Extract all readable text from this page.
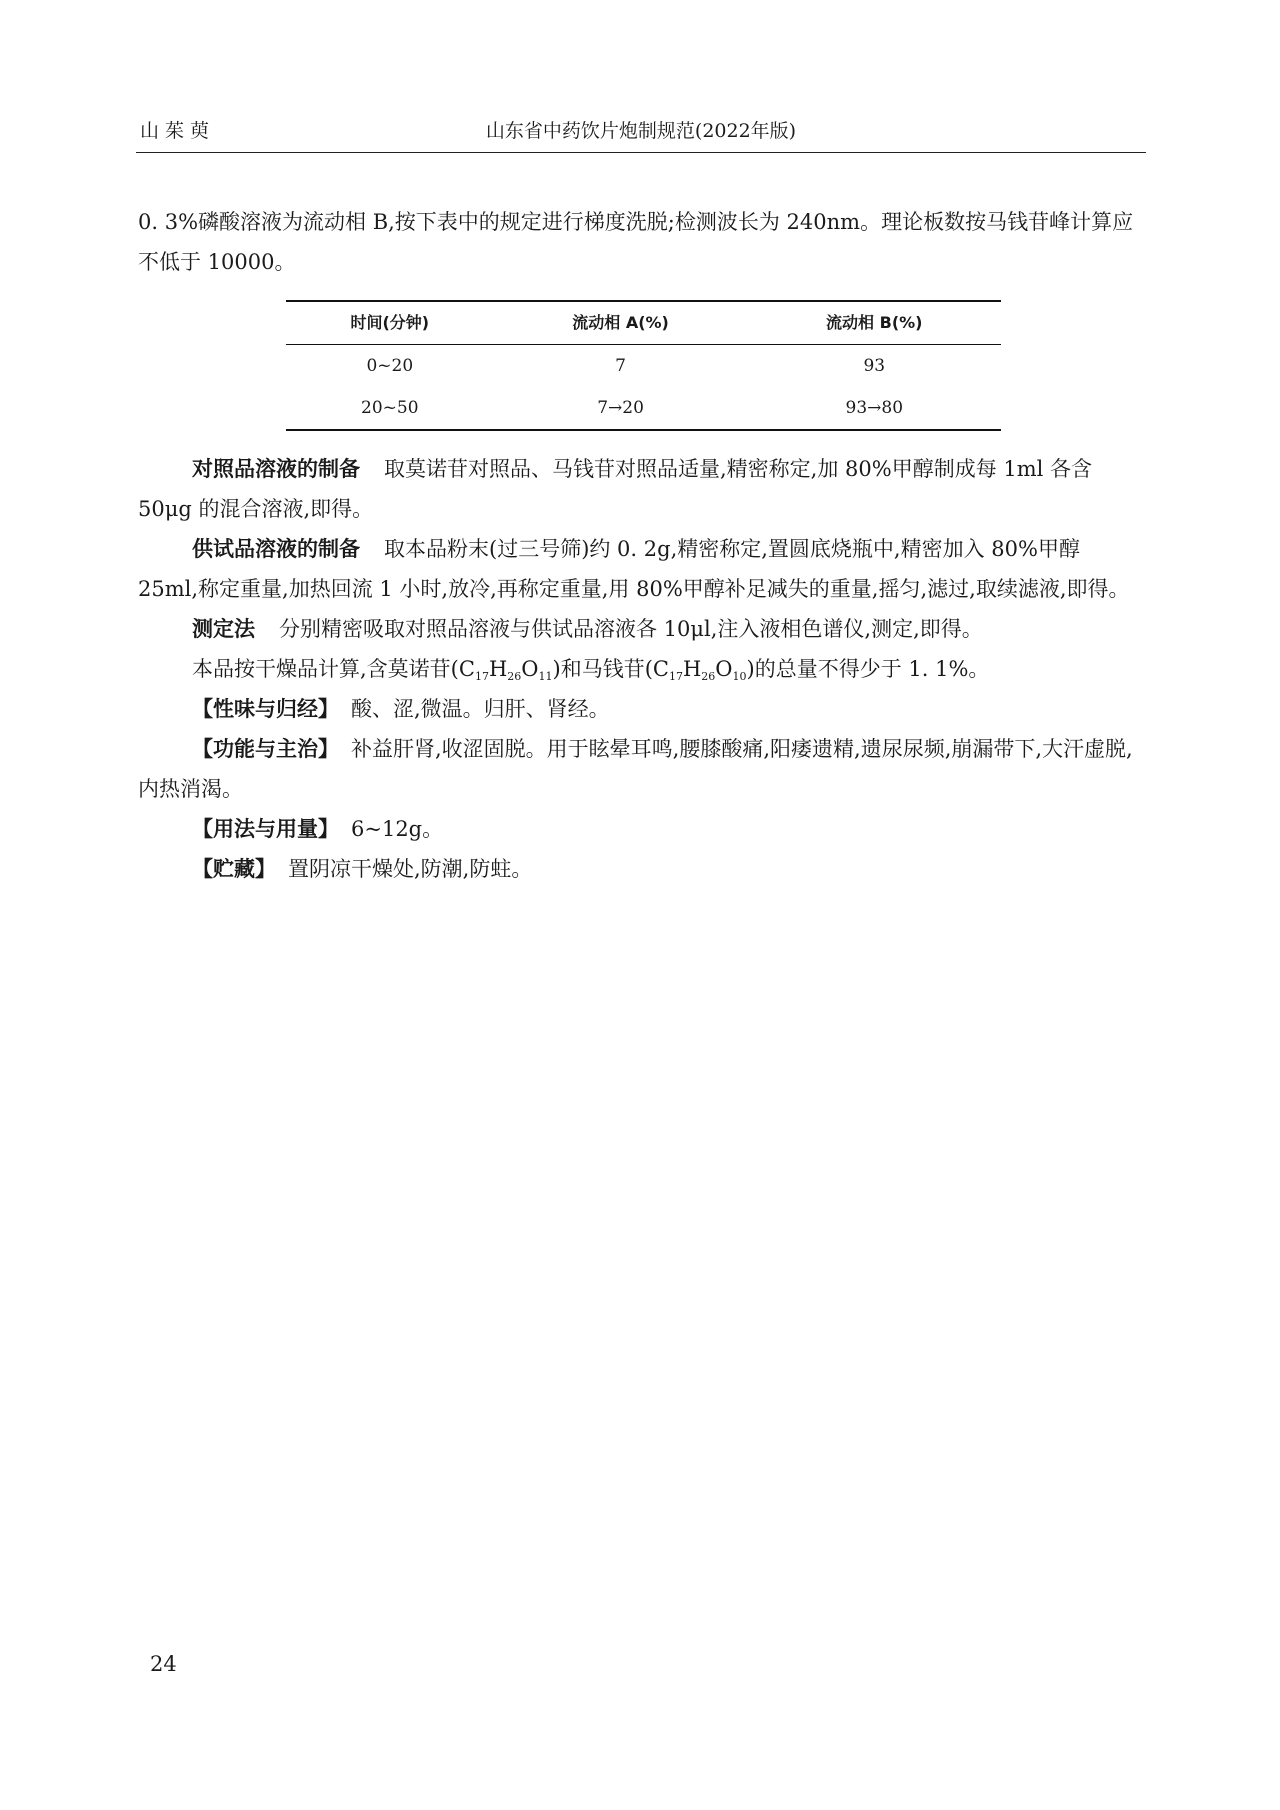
山茱萸	山东省中药饮片炮制规范(2022年版)

0. 3%磷酸溶液为流动相 B,按下表中的规定进行梯度洗脱;检测波长为 240nm。理论板数按马钱苷峰计算应不低于 10000。

时间(分钟)	流动相 A(%)	流动相 B(%)
0~20	7	93
20~50	7→20	93→80

对照品溶液的制备 取莫诺苷对照品、马钱苷对照品适量,精密称定,加 80%甲醇制成每 1ml 各含 50μg 的混合溶液,即得。

供试品溶液的制备 取本品粉末(过三号筛)约 0. 2g,精密称定,置圆底烧瓶中,精密加入 80%甲醇 25ml,称定重量,加热回流 1 小时,放冷,再称定重量,用 80%甲醇补足减失的重量,摇匀,滤过,取续滤液,即得。

测定法 分别精密吸取对照品溶液与供试品溶液各 10μl,注入液相色谱仪,测定,即得。

本品按干燥品计算,含莫诺苷$(C_{17}H_{26}O_{11})$和马钱苷$(C_{17}H_{26}O_{10})$的总量不得少于 1. 1%。

【性味与归经】 酸、涩,微温。归肝、肾经。

【功能与主治】 补益肝肾,收涩固脱。用于眩晕耳鸣,腰膝酸痛,阳痿遗精,遗尿尿频,崩漏带下,大汗虚脱,内热消渴。

【用法与用量】 6~12g。

【贮藏】 置阴凉干燥处,防潮,防蛀。

24
